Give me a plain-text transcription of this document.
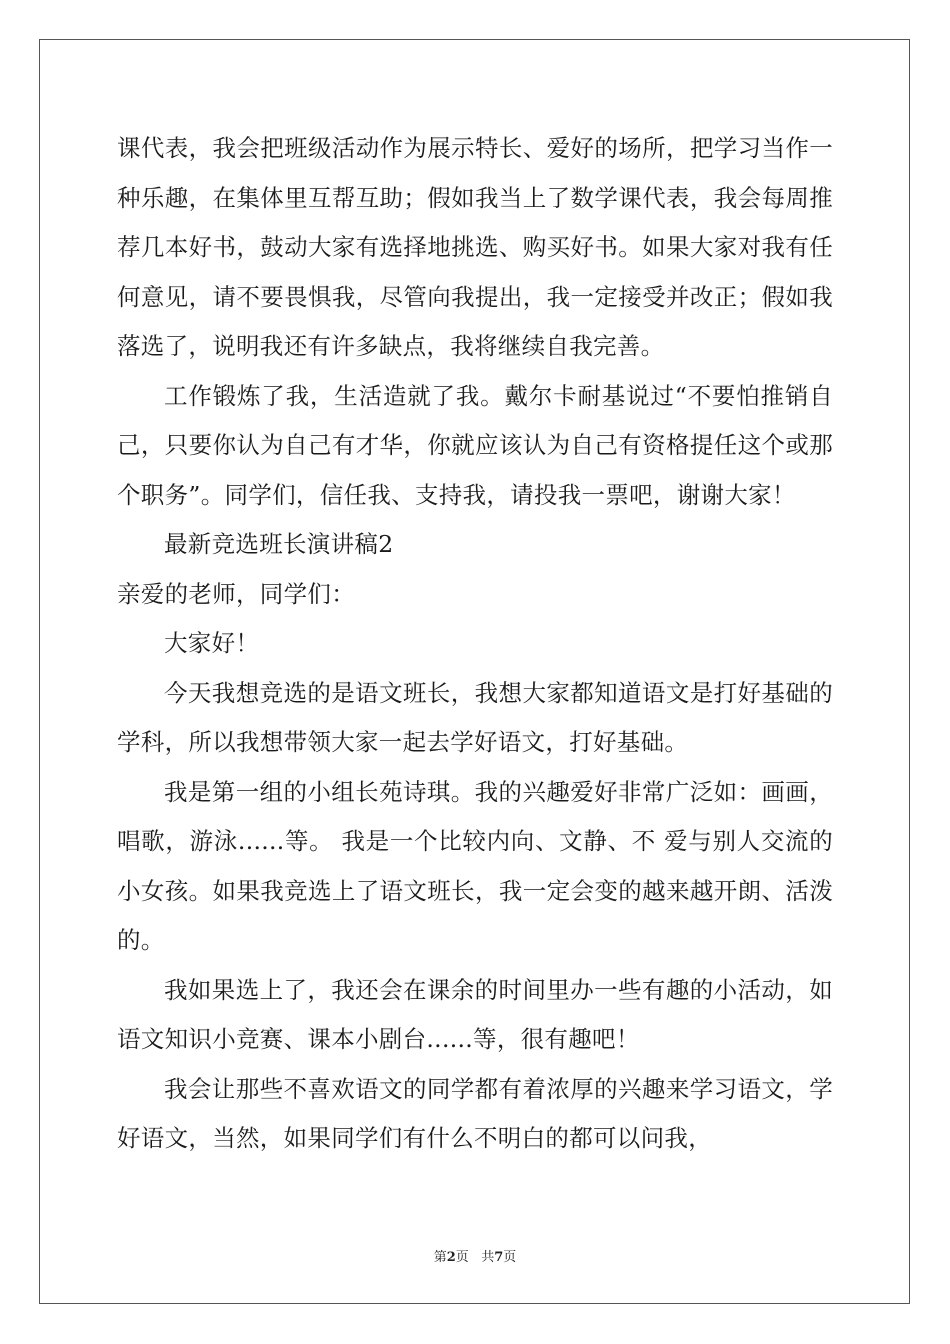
课代表，我会把班级活动作为展示特长、爱好的场所，把学习当作一种乐趣，在集体里互帮互助；假如我当上了数学课代表，我会每周推荐几本好书，鼓动大家有选择地挑选、购买好书。如果大家对我有任何意见，请不要畏惧我，尽管向我提出，我一定接受并改正；假如我落选了，说明我还有许多缺点，我将继续自我完善。

工作锻炼了我，生活造就了我。戴尔卡耐基说过“不要怕推销自己，只要你认为自己有才华，你就应该认为自己有资格提任这个或那个职务”。同学们，信任我、支持我，请投我一票吧，谢谢大家！

最新竞选班长演讲稿2

亲爱的老师，同学们：

大家好！

今天我想竞选的是语文班长，我想大家都知道语文是打好基础的学科，所以我想带领大家一起去学好语文，打好基础。

我是第一组的小组长苑诗琪。我的兴趣爱好非常广泛如：画画，唱歌，游泳......等。 我是一个比较内向、文静、不 爱与别人交流的小女孩。如果我竞选上了语文班长，我一定会变的越来越开朗、活泼的。

我如果选上了，我还会在课余的时间里办一些有趣的小活动，如语文知识小竞赛、课本小剧台......等，很有趣吧！

我会让那些不喜欢语文的同学都有着浓厚的兴趣来学习语文，学好语文，当然，如果同学们有什么不明白的都可以问我，

第2页 共7页
